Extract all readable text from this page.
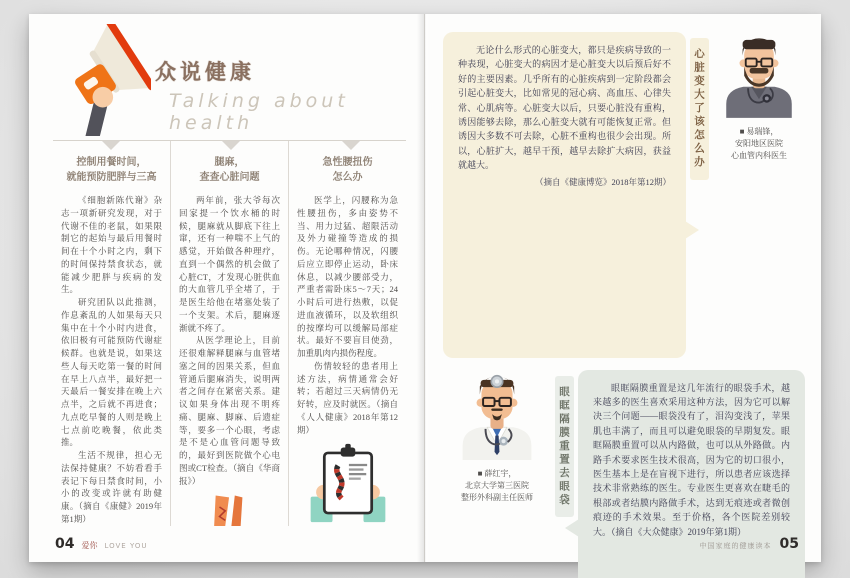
众说健康
Talking about health
控制用餐时间，
就能预防肥胖与三高

《细胞新陈代谢》杂志一项新研究发现，对于代谢不佳的老鼠，如果限制它的起始与最后用餐时间在十个小时之内，剩下的时间保持禁食状态，就能减少肥胖与疾病的发生。

研究团队以此推测，作息紊乱的人如果每天只集中在十个小时内进食，依旧极有可能预防代谢症候群。也就是说，如果这些人每天吃第一餐的时间在早上八点半，最好把一天最后一餐安排在晚上六点半，之后就不再进食；九点吃早餐的人则是晚上七点前吃晚餐，依此类推。

生活不规律，担心无法保持健康？不妨看看手表记下每日禁食时间，小小的改变或许就有助健康。（摘自《康健》2019年第1期）

腿麻，
查查心脏问题

两年前，张大爷每次回家提一个饮水桶的时候，腿麻就从脚底下往上窜，还有一种喘不上气的感觉，开始做各种理疗，直到一个偶然的机会做了心脏CT，才发现心脏供血的大血管几乎全堵了，于是医生给他在堵塞处装了一个支架。术后，腿麻逐渐就不疼了。

从医学理论上，目前还很难解释腿麻与血管堵塞之间的因果关系，但血管通后腿麻消失，说明两者之间存在紧密关系。建议如果身体出现不明疼痛、腿麻、脚麻、后遗症等，要多一个心眼，考虑是不是心血管问题导致的，最好到医院做个心电图或CT检查。（摘自《华商报》）

急性腰扭伤
怎么办

医学上，闪腰称为急性腰扭伤，多由姿势不当、用力过猛、超限活动及外力碰撞等造成的损伤。无论哪种情况，闪腰后应立即停止运动，卧床休息，以减少腰部受力，严重者需卧床5～7天；24小时后可进行热敷，以促进血液循环，以及软组织的按摩均可以缓解局部症状。最好不要盲目使劲，加重肌肉内损伤程度。

伤情较轻的患者用上述方法，病情通常会好转；若超过三天病情仍无好转，应及时就医。（摘自《人人健康》2018年第12期）

04 爱你 LOVE YOU

无论什么形式的心脏变大，都只是疾病导致的一种表现，心脏变大的病因才是心脏变大以后预后好不好的主要因素。几乎所有的心脏疾病到一定阶段都会引起心脏变大，比如常见的冠心病、高血压、心律失常、心肌病等。心脏变大以后，只要心脏没有重构，诱因能够去除，那么心脏变大就有可能恢复正常。但诱因大多数不可去除，心脏不重构也很少会出现。所以，心脏扩大，越早干预，越早去除扩大病因，获益就越大。

（摘自《健康博览》2018年第12期）

心脏变大了该怎么办	■ 易瑞锋，
安阳地区医院
心血管内科医生
■ 薛红宇，
北京大学第三医院
整形外科副主任医师 眼眶隔膜重置去眼袋	眼眶隔膜重置是这几年流行的眼袋手术，越来越多的医生喜欢采用这种方法，因为它可以解决三个问题——眼袋没有了，泪沟变浅了，苹果肌也丰满了，而且可以避免眼袋的早期复发。眼眶隔膜重置可以从内路做，也可以从外路做。内路手术要求医生技术很高，因为它的切口很小，医生基本上是在盲视下进行，所以患者应该选择技术非常熟练的医生。专业医生更喜欢在睫毛的根部或者结膜内路做手术，达到无痕迹或者微创痕迹的手术效果。至于价格，各个医院差别较大。（摘自《大众健康》2019年第1期）

中国家庭的健康读本 05
